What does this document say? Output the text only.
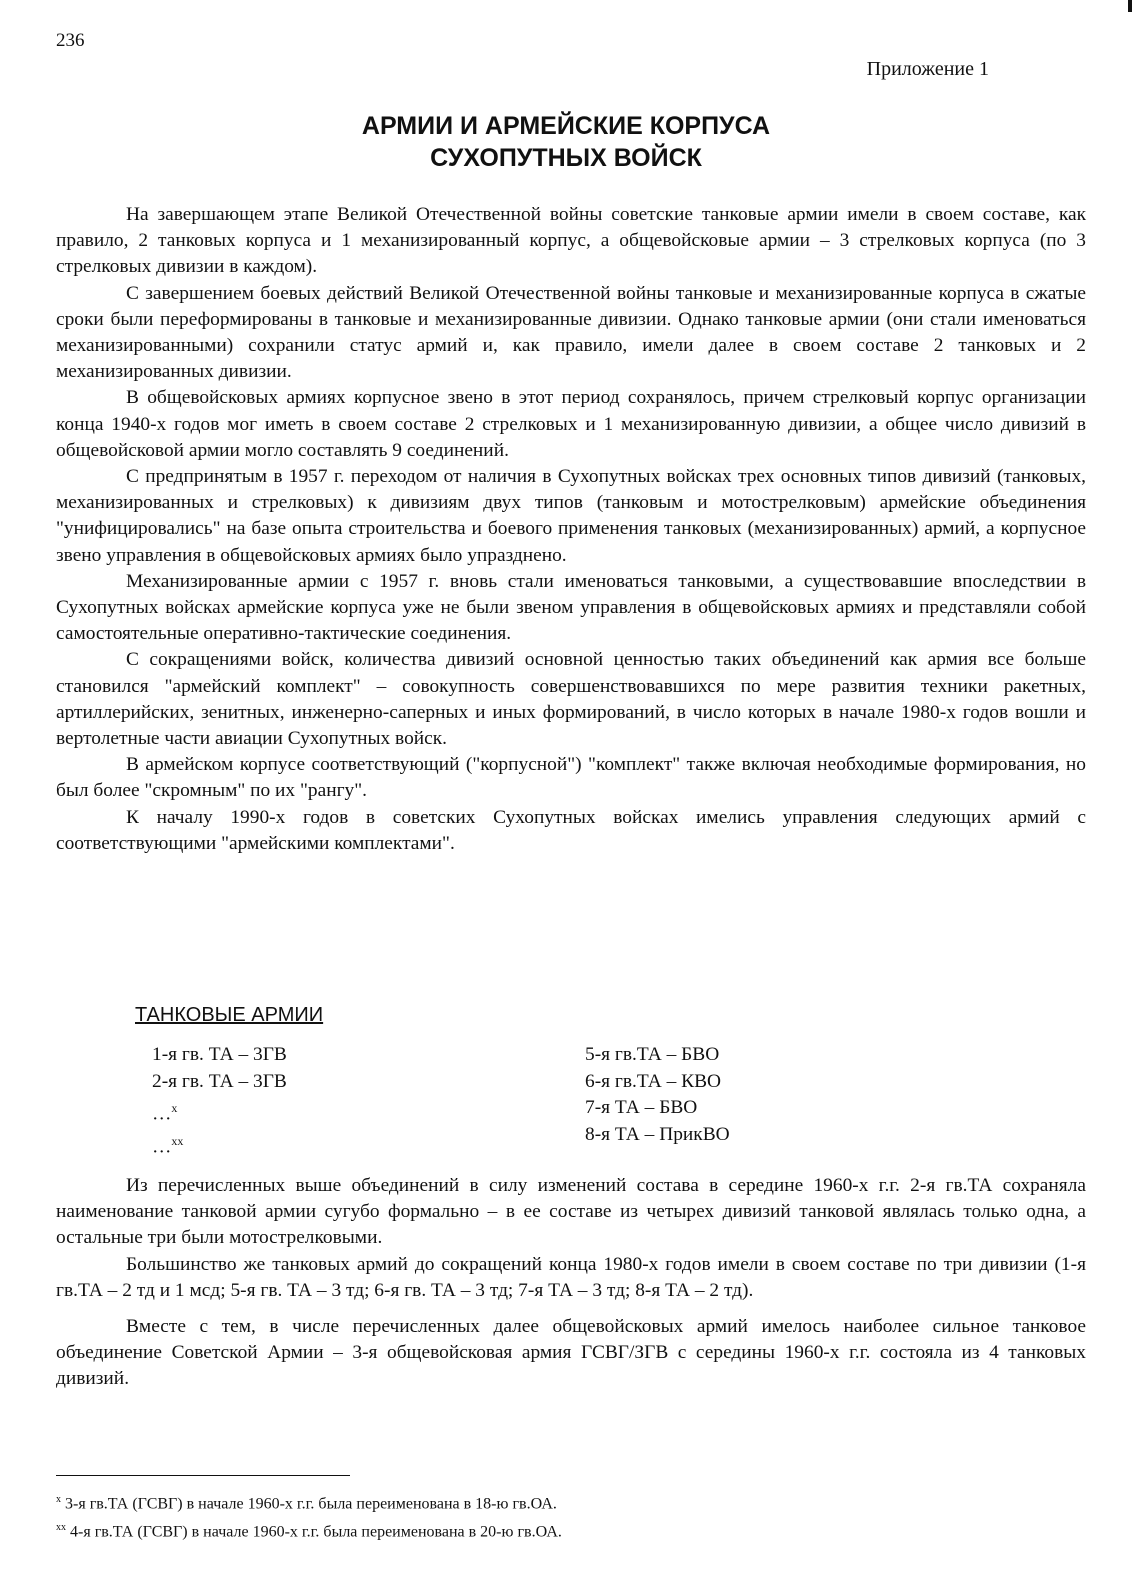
236
Приложение 1
АРМИИ И АРМЕЙСКИЕ КОРПУСА
СУХОПУТНЫХ ВОЙСК

На завершающем этапе Великой Отечественной войны советские танковые армии имели в своем составе, как правило, 2 танковых корпуса и 1 механизированный корпус, а общевойсковые армии – 3 стрелковых корпуса (по 3 стрелковых дивизии в каждом).

С завершением боевых действий Великой Отечественной войны танковые и механизированные корпуса в сжатые сроки были переформированы в танковые и механизированные дивизии. Однако танковые армии (они стали именоваться механизированными) сохранили статус армий и, как правило, имели далее в своем составе 2 танковых и 2 механизированных дивизии.

В общевойсковых армиях корпусное звено в этот период сохранялось, причем стрелковый корпус организации конца 1940-х годов мог иметь в своем составе 2 стрелковых и 1 механизированную дивизии, а общее число дивизий в общевойсковой армии могло составлять 9 соединений.

С предпринятым в 1957 г. переходом от наличия в Сухопутных войсках трех основных типов дивизий (танковых, механизированных и стрелковых) к дивизиям двух типов (танковым и мотострелковым) армейские объединения "унифицировались" на базе опыта строительства и боевого применения танковых (механизированных) армий, а корпусное звено управления в общевойсковых армиях было упразднено.

Механизированные армии с 1957 г. вновь стали именоваться танковыми, а существовавшие впоследствии в Сухопутных войсках армейские корпуса уже не были звеном управления в общевойсковых армиях и представляли собой самостоятельные оперативно-тактические соединения.

С сокращениями войск, количества дивизий основной ценностью таких объединений как армия все больше становился "армейский комплект" – совокупность совершенствовавшихся по мере развития техники ракетных, артиллерийских, зенитных, инженерно-саперных и иных формирований, в число которых в начале 1980-х годов вошли и вертолетные части авиации Сухопутных войск.

В армейском корпусе соответствующий ("корпусной") "комплект" также включая необходимые формирования, но был более "скромным" по их "рангу".

К началу 1990-х годов в советских Сухопутных войсках имелись управления следующих армий с соответствующими "армейскими комплектами".

ТАНКОВЫЕ АРМИИ
1-я гв. ТА – 3ГВ
2-я гв. ТА – 3ГВ
…$^x$
…$^{xx}$
5-я гв.ТА – БВО
6-я гв.ТА – КВО
7-я ТА – БВО
8-я ТА – ПрикВО

Из перечисленных выше объединений в силу изменений состава в середине 1960-х г.г. 2-я гв.ТА сохраняла наименование танковой армии сугубо формально – в ее составе из четырех дивизий танковой являлась только одна, а остальные три были мотострелковыми.

Большинство же танковых армий до сокращений конца 1980-х годов имели в своем составе по три дивизии (1-я гв.ТА – 2 тд и 1 мсд; 5-я гв. ТА – 3 тд; 6-я гв. ТА – 3 тд; 7-я ТА – 3 тд; 8-я ТА – 2 тд).

Вместе с тем, в числе перечисленных далее общевойсковых армий имелось наиболее сильное танковое объединение Советской Армии – 3-я общевойсковая армия ГСВГ/ЗГВ с середины 1960-х г.г. состояла из 4 танковых дивизий.

$^x$ 3-я гв.ТА (ГСВГ) в начале 1960-х г.г. была переименована в 18-ю гв.ОА.
$^{xx}$ 4-я гв.ТА (ГСВГ) в начале 1960-х г.г. была переименована в 20-ю гв.ОА.
